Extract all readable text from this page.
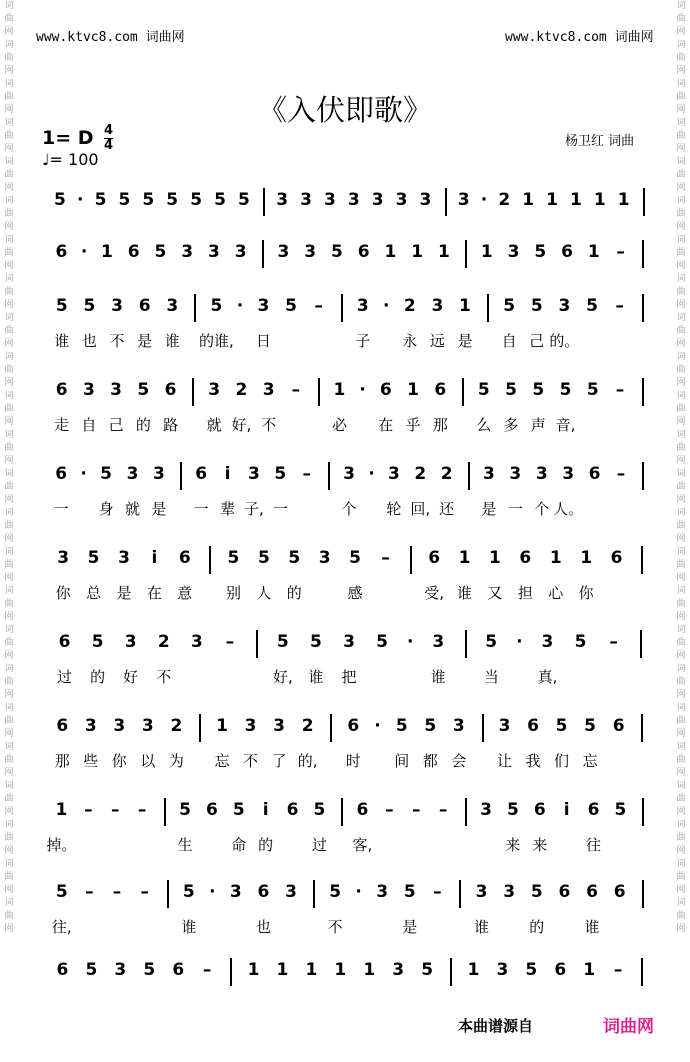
www.ktvc8.com 词曲网	www.ktvc8.com 词曲网
词曲网词曲网词曲网词曲网词曲网词曲网词曲网词曲网词曲网词曲网词曲网词曲网词曲网词曲网词曲网词曲网词曲网词曲网词曲网词曲网词曲网词曲网词曲网词曲网
词曲网词曲网词曲网词曲网词曲网词曲网词曲网词曲网词曲网词曲网词曲网词曲网词曲网词曲网词曲网词曲网词曲网词曲网词曲网词曲网词曲网词曲网词曲网词曲网
《入伏即歌》
1= D 4
4
♩= 100
杨卫红 词曲
5 · 5 5 5 5 5 5 5 3 3 3 3 3 3 3 3 · 2 1 1 1 1 1
6 · 1 6 5 3 3 3 3 3 5 6 1 1 1 1 3 5 6 1 –
5 5 3 6 3 5 · 3 5 – 3 · 2 3 1 5 5 3 5 –
谁 也 不 是 谁 的谁, 日	子 永 远 是 自 己 的。
6 3 3 5 6 3 2 3 – 1 · 6 1 6 5 5 5 5 5 –
走 自 己 的 路 就 好, 不	必 在 乎 那 么 多 声 音,
6 · 5 3 3 6 i 3 5 – 3 · 3 2 2 3 3 3 3 6 –
一 身 就 是 一 辈 子, 一	个 轮 回, 还 是 一 个 人。
3 5 3 i 6 5 5 5 3 5 – 6 1 1 6 1 1 6
你 总 是 在 意 别 人 的	感	受, 谁 又 担 心 你
6 5 3 2 3 –	5 5 3 5 · 3 5 · 3 5 –
过 的 好 不	好, 谁 把	谁	当	真,
6 3 3 3 2 1 3 3 2 6 · 5 5 3 3 6 5 5 6
那 些 你 以 为 忘 不 了 的, 时 间 都 会 让 我 们 忘
1 – – – 5 6 5 i 6 5 6 – – – 3 5 6 i 6 5
掉。	生	命 的	过 客,	来 来	往
5 – – – 5 · 3 6 3 5 · 3 5 – 3 3 5 6 6 6
往,	谁	也	不	是	谁	的	谁
6 5 3 5 6 – 1 1 1 1 1 3 5 1 3 5 6 1 –
本曲谱源自	词曲网
